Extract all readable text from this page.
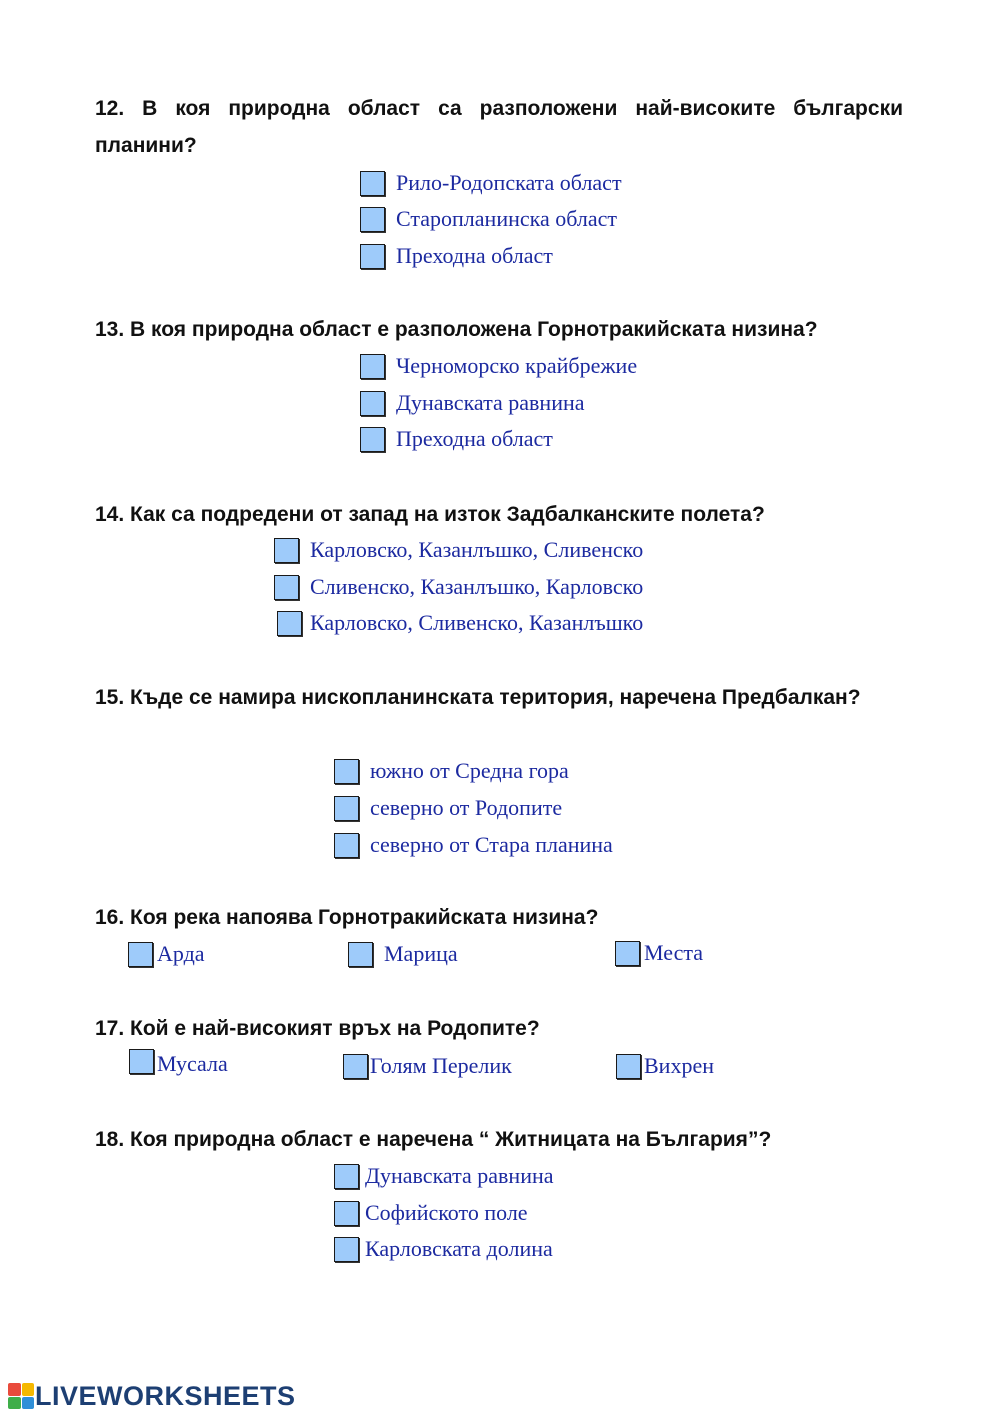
12. В коя природна област са разположени най-високите български планини?
Рило-Родопската област
Старопланинска област
Преходна област
13. В коя природна област е разположена Горнотракийската низина?
Черноморско крайбрежие
Дунавската равнина
Преходна област
14. Как са подредени от запад на изток Задбалканските полета?
Карловско, Казанлъшко, Сливенско
Сливенско, Казанлъшко, Карловско
Карловско, Сливенско, Казанлъшко
15. Къде се намира нископланинската територия, наречена Предбалкан?
южно от Средна гора
северно от Родопите
северно от Стара планина
16. Коя река напоява Горнотракийската низина?
Арда	Марица	Места
17. Кой е най-високият връх на Родопите?
Мусала	Голям Перелик	Вихрен
18. Коя природна област е наречена “ Житницата на България”?
Дунавската равнина
Софийското поле
Карловската долина
LIVEWORKSHEETS
